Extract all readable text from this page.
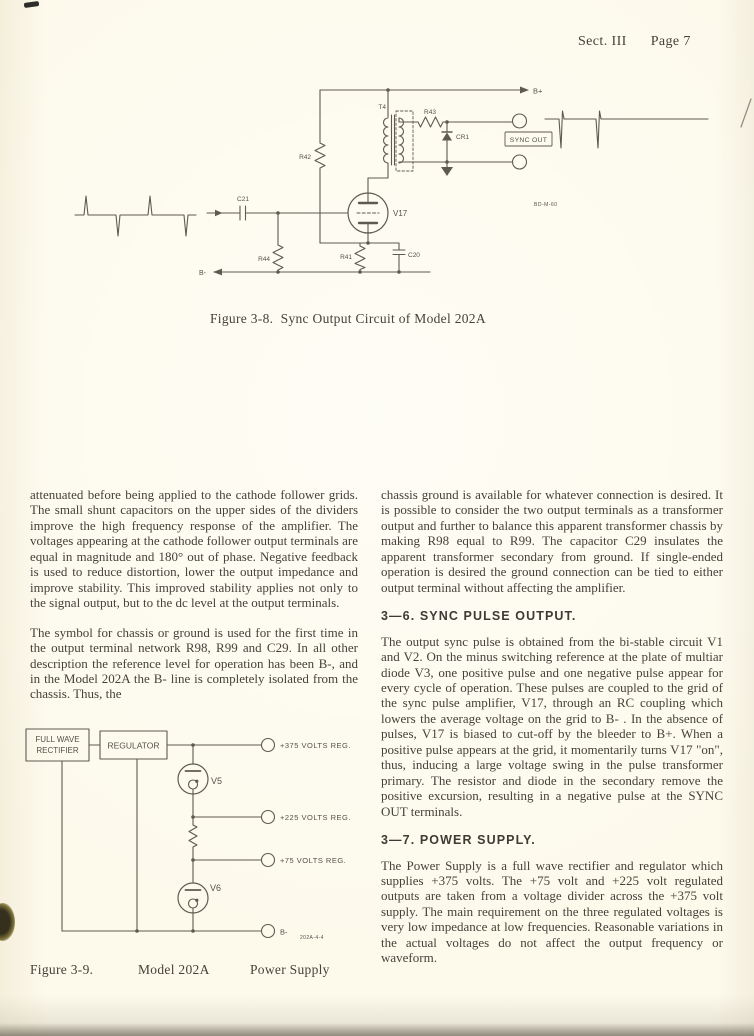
Sect. III Page 7
C21
R44
B-
B+
R42
V17
R41	C20
T4
R43
CR1	SYNC OUT
BD-M-60
Figure 3-8.  Sync Output Circuit of Model 202A

attenuated before being applied to the cathode follower grids. The small shunt capacitors on the upper sides of the dividers improve the high frequency response of the amplifier. The voltages appearing at the cathode follower output terminals are equal in magnitude and 180° out of phase. Negative feedback is used to reduce distortion, lower the output impedance and improve stability. This improved stability applies not only to the signal output, but to the dc level at the output terminals.

The symbol for chassis or ground is used for the first time in the output terminal network R98, R99 and C29. In all other description the reference level for operation has been B-, and in the Model 202A the B- line is completely isolated from the chassis. Thus, the

chassis ground is available for whatever connection is desired. It is possible to consider the two output terminals as a transformer output and further to balance this apparent transformer chassis by making R98 equal to R99. The capacitor C29 insulates the apparent transformer secondary from ground. If single-ended operation is desired the ground connection can be tied to either output terminal without affecting the amplifier.

3—6. SYNC PULSE OUTPUT.

The output sync pulse is obtained from the bi-stable circuit V1 and V2. On the minus switching reference at the plate of multiar diode V3, one positive pulse and one negative pulse appear for every cycle of operation. These pulses are coupled to the grid of the sync pulse amplifier, V17, through an RC coupling which lowers the average voltage on the grid to B- . In the absence of pulses, V17 is biased to cut-off by the bleeder to B+. When a positive pulse appears at the grid, it momentarily turns V17 "on", thus, inducing a large voltage swing in the pulse transformer primary. The resistor and diode in the secondary remove the positive excursion, resulting in a negative pulse at the SYNC OUT terminals.

3—7. POWER SUPPLY.

The Power Supply is a full wave rectifier and regulator which supplies +375 volts. The +75 volt and +225 volt regulated outputs are taken from a voltage divider across the +375 volt supply. The main requirement on the three regulated voltages is very low impedance at low frequencies. Reasonable variations in the actual voltages do not affect the output frequency or waveform.

FULL WAVE
RECTIFIER	REGULATOR	+375 VOLTS REG.
V5
+225 VOLTS REG.
+75 VOLTS REG.
V6
B-
202A-4-4
Figure 3-9.	Model 202A	Power Supply
